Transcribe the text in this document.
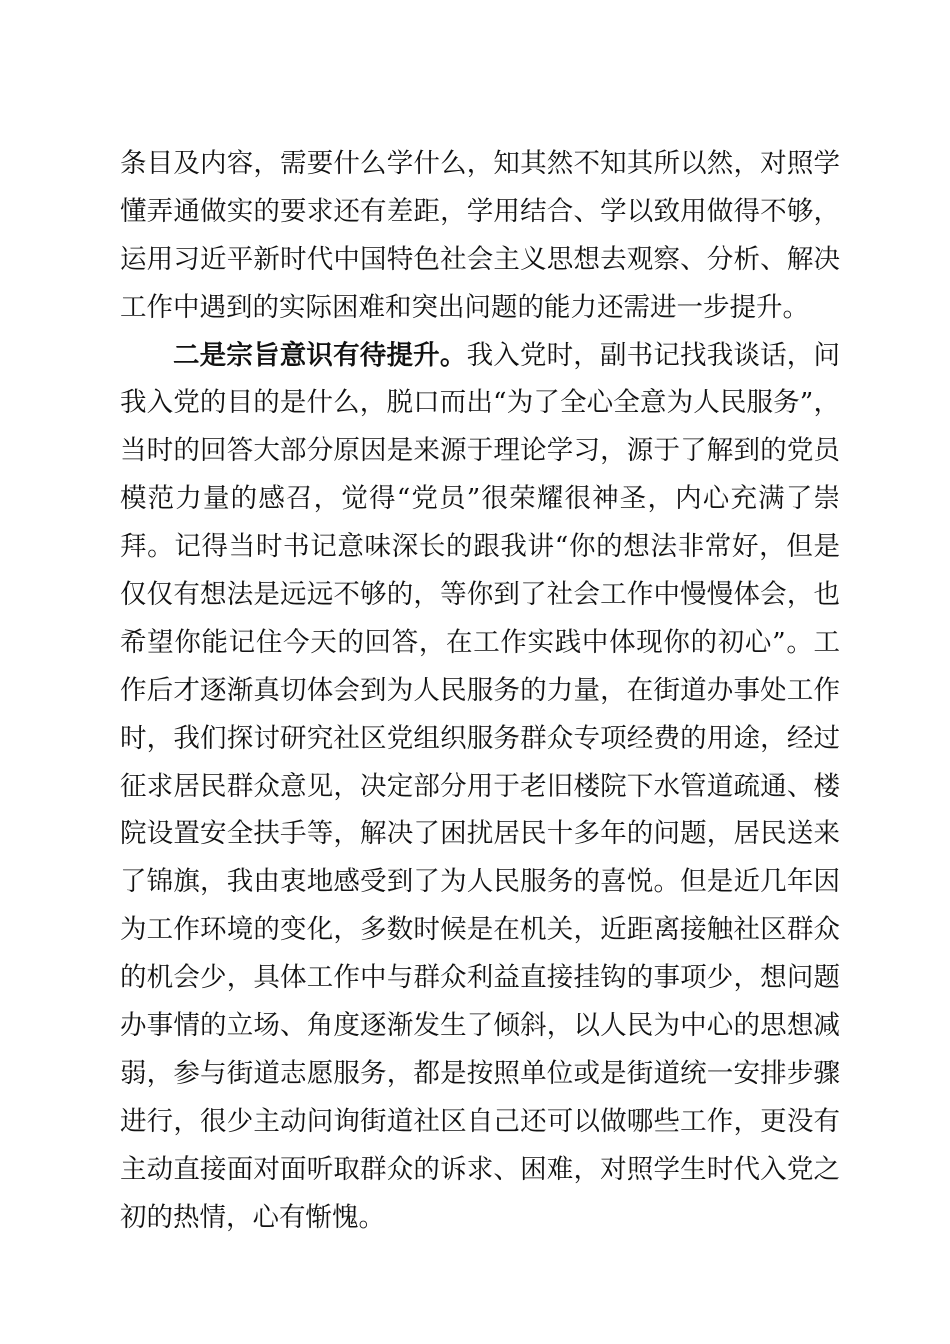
条目及内容，需要什么学什么，知其然不知其所以然，对照学
懂弄通做实的要求还有差距，学用结合、学以致用做得不够，
运用习近平新时代中国特色社会主义思想去观察、分析、解决
工作中遇到的实际困难和突出问题的能力还需进一步提升。
二是宗旨意识有待提升。我入党时，副书记找我谈话，问
我入党的目的是什么，脱口而出“为了全心全意为人民服务”，
当时的回答大部分原因是来源于理论学习，源于了解到的党员
模范力量的感召，觉得“党员”很荣耀很神圣，内心充满了崇
拜。记得当时书记意味深长的跟我讲“你的想法非常好，但是
仅仅有想法是远远不够的，等你到了社会工作中慢慢体会，也
希望你能记住今天的回答，在工作实践中体现你的初心”。工
作后才逐渐真切体会到为人民服务的力量，在街道办事处工作
时，我们探讨研究社区党组织服务群众专项经费的用途，经过
征求居民群众意见，决定部分用于老旧楼院下水管道疏通、楼
院设置安全扶手等，解决了困扰居民十多年的问题，居民送来
了锦旗，我由衷地感受到了为人民服务的喜悦。但是近几年因
为工作环境的变化，多数时候是在机关，近距离接触社区群众
的机会少，具体工作中与群众利益直接挂钩的事项少，想问题
办事情的立场、角度逐渐发生了倾斜，以人民为中心的思想减
弱，参与街道志愿服务，都是按照单位或是街道统一安排步骤
进行，很少主动问询街道社区自己还可以做哪些工作，更没有
主动直接面对面听取群众的诉求、困难，对照学生时代入党之
初的热情，心有惭愧。
